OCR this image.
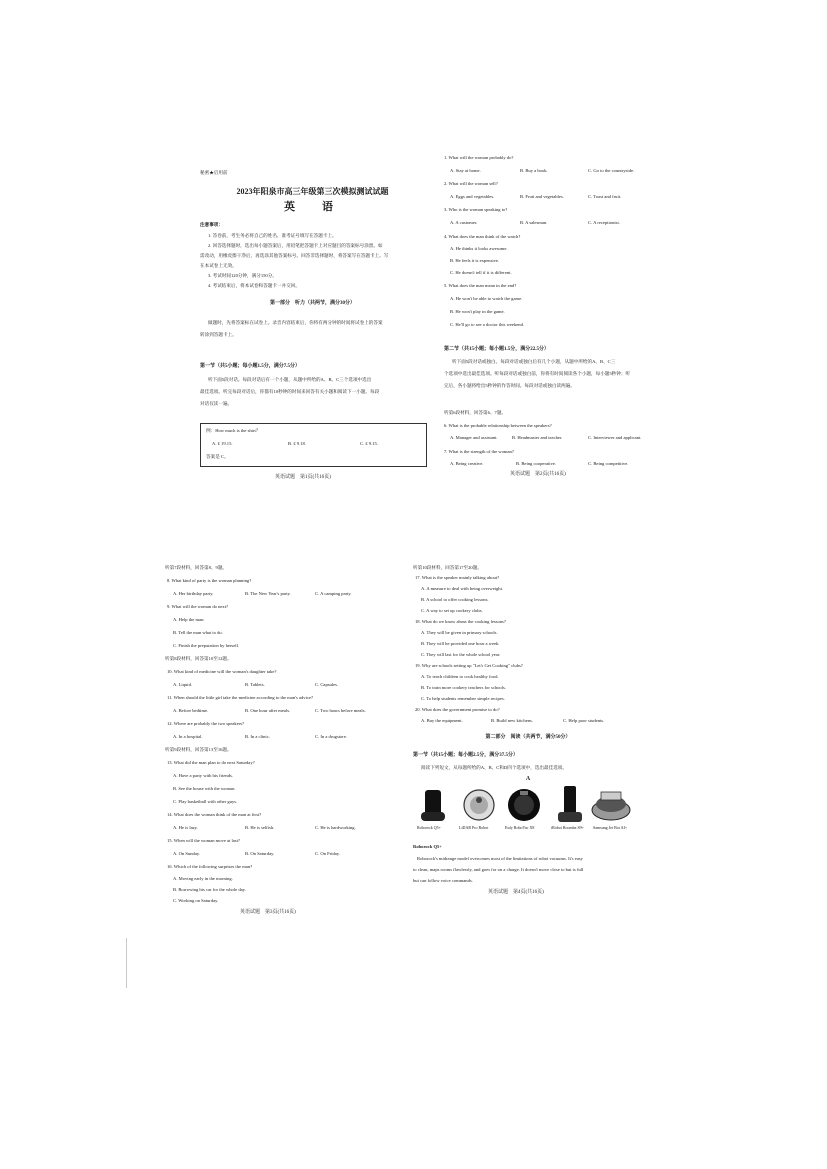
秘密★启用前

2023年阳泉市高三年级第三次模拟测试试题

英　语

注意事项：

1. 答卷前，考生务必将自己的姓名、准考证号填写在答题卡上。

2. 回答选择题时，选出每小题答案后，用铅笔把答题卡上对应题目的答案标号涂黑。如

需改动，用橡皮擦干净后，再选涂其他答案标号。回答非选择题时，将答案写在答题卡上。写

在本试卷上无效。

3. 考试时间120分钟，满分150分。

4. 考试结束后，将本试卷和答题卡一并交回。

第一部分　听力（共两节，满分30分）

做题时，先将答案标在试卷上。录音内容结束后，你将有两分钟的时间将试卷上的答案

转涂到答题卡上。

第一节（共5小题；每小题1.5分，满分7.5分）

听下面5段对话。每段对话后有一个小题，从题中所给的A、B、C三个选项中选出

最佳选项。听完每段对话后，你都有10秒钟的时间来回答有关小题和阅读下一小题。每段

对话仅读一遍。

例：How much is the shirt？

A. £ 19.15.	B. £ 9.18.	C. £ 9.15.

答案是 C。

英语试题　第1页(共16页)

1. What will the woman probably do?

A. Stay at home.	B. Buy a book.	C. Go to the countryside.

2. What will the woman sell?

A. Eggs and vegetables.	B. Fruit and vegetables.	C. Toast and fruit.

3. Who is the woman speaking to?

A. A customer.	B. A salesman.	C. A receptionist.

4. What does the man think of the watch?

A. He thinks it looks awesome.

B. He feels it is expensive.

C. He doesn't tell if it is different.

5. What does the man mean in the end?

A. He won't be able to watch the game.

B. He won't play in the game.

C. He'll go to see a doctor this weekend.

第二节（共15小题；每小题1.5分，满分22.5分）

听下面5段对话或独白。每段对话或独白后有几个小题，从题中所给的A、B、C三

个选项中选出最佳选项。听每段对话或独白前，你将有时间阅读各个小题，每小题5秒钟；听

完后，各小题将给出5秒钟的作答时间。每段对话或独白读两遍。

听第6段材料，回答第6、7题。

6. What is the probable relationship between the speakers?

A. Manager and assistant.	B. Headmaster and teacher.	C. Interviewer and applicant.

7. What is the strength of the woman?

A. Being creative.	B. Being cooperative.	C. Being competitive.

英语试题　第2页(共16页)

听第7段材料，回答第8、9题。

8. What kind of party is the woman planning?

A. Her birthday party.	B. The New Year's party.	C. A camping party.

9. What will the woman do next?

A. Help the man.

B. Tell the man what to do.

C. Finish the preparation by herself.

听第8段材料，回答第10至12题。

10. What kind of medicine will the woman's daughter take?

A. Liquid.	B. Tablets.	C. Capsules.

11. When should the little girl take the medicine according to the man's advice?

A. Before bedtime.	B. One hour after meals.	C. Two hours before meals.

12. Where are probably the two speakers?

A. In a hospital.	B. In a clinic.	C. In a drugstore.

听第9段材料，回答第13至16题。

13. What did the man plan to do next Saturday?

A. Have a party with his friends.

B. See the house with the woman.

C. Play basketball with other guys.

14. What does the woman think of the man at first?

A. He is lazy.	B. He is selfish.	C. He is hardworking.

15. When will the woman move at last?

A. On Sunday.	B. On Saturday.	C. On Friday.

16. Which of the following surprises the man?

A. Moving early in the morning.

B. Borrowing his car for the whole day.

C. Working on Saturday.

英语试题　第3页(共16页)

听第10段材料，回答第17至20题。

17. What is the speaker mainly talking about?

A. A measure to deal with being overweight.

B. A school to offer cooking lessons.

C. A way to set up cookery clubs.

18. What do we know about the cooking lessons?

A. They will be given in primary schools.

B. They will be provided one hour a week.

C. They will last for the whole school year.

19. Why are schools setting up "Let's Get Cooking" clubs?

A. To teach children to cook healthy food.

B. To train more cookery teachers for schools.

C. To help students remember simple recipes.

20. What does the government promise to do?

A. Buy the equipment.	B. Build new kitchens.	C. Help poor students.

第二部分　阅读（共两节，满分50分）

第一节（共15小题；每小题2.5分，满分37.5分）

阅读下列短文，从每题所给的A、B、C和D四个选项中，选出最佳选项。

A

Roborock Q5+	LiDAR Pro Robot	Eufy RoboVac X8	iRobot Roomba S9+ Samsung Jet Bot AI+

Roborock Q5+

Roborock's midrange model overcomes most of the limitations of robot vacuums. It's easy

to clean, maps rooms flawlessly, and goes for on a charge. It doesn't move close to but is full

but can follow voice commands.

英语试题　第4页(共16页)
